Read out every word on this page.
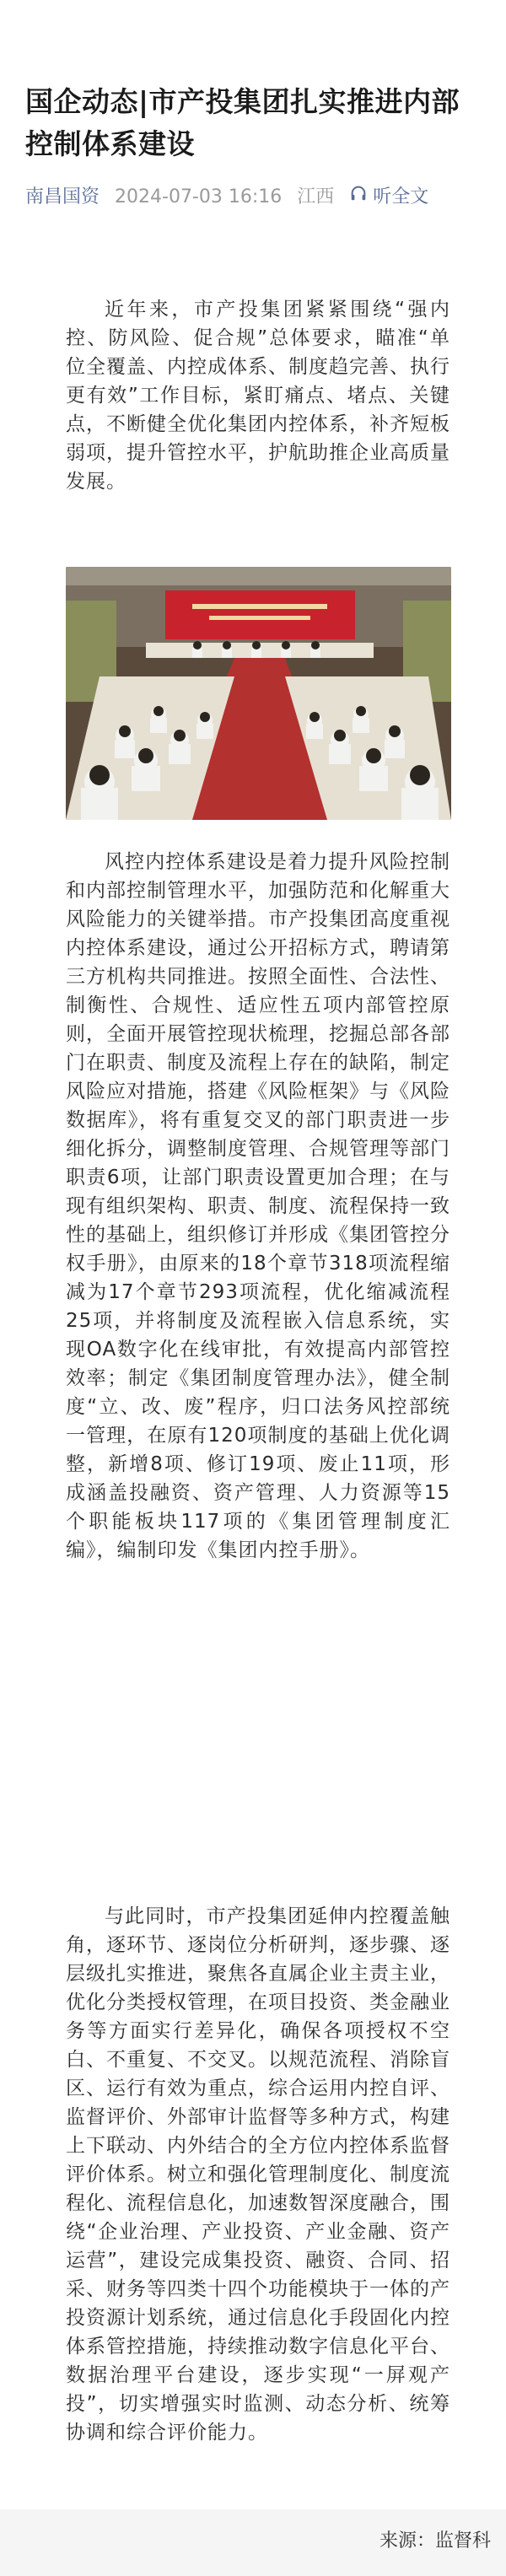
国企动态|市产投集团扎实推进内部控制体系建设
南昌国资 2024-07-03 16:16 江西 听全文

近年来，市产投集团紧紧围绕“强内控、防风险、促合规”总体要求，瞄准“单位全覆盖、内控成体系、制度趋完善、执行更有效”工作目标，紧盯痛点、堵点、关键点，不断健全优化集团内控体系，补齐短板弱项，提升管控水平，护航助推企业高质量发展。

风控内控体系建设是着力提升风险控制和内部控制管理水平，加强防范和化解重大风险能力的关键举措。市产投集团高度重视内控体系建设，通过公开招标方式，聘请第三方机构共同推进。按照全面性、合法性、制衡性、合规性、适应性五项内部管控原则，全面开展管控现状梳理，挖掘总部各部门在职责、制度及流程上存在的缺陷，制定风险应对措施，搭建《风险框架》与《风险数据库》，将有重复交叉的部门职责进一步细化拆分，调整制度管理、合规管理等部门职责6项，让部门职责设置更加合理；在与现有组织架构、职责、制度、流程保持一致性的基础上，组织修订并形成《集团管控分权手册》，由原来的18个章节318项流程缩减为17个章节293项流程，优化缩减流程25项，并将制度及流程嵌入信息系统，实现OA数字化在线审批，有效提高内部管控效率；制定《集团制度管理办法》，健全制度“立、改、废”程序，归口法务风控部统一管理，在原有120项制度的基础上优化调整，新增8项、修订19项、废止11项，形成涵盖投融资、资产管理、人力资源等15个职能板块117项的《集团管理制度汇编》，编制印发《集团内控手册》。

与此同时，市产投集团延伸内控覆盖触角，逐环节、逐岗位分析研判，逐步骤、逐层级扎实推进，聚焦各直属企业主责主业，优化分类授权管理，在项目投资、类金融业务等方面实行差异化，确保各项授权不空白、不重复、不交叉。以规范流程、消除盲区、运行有效为重点，综合运用内控自评、监督评价、外部审计监督等多种方式，构建上下联动、内外结合的全方位内控体系监督评价体系。树立和强化管理制度化、制度流程化、流程信息化，加速数智深度融合，围绕“企业治理、产业投资、产业金融、资产运营”，建设完成集投资、融资、合同、招采、财务等四类十四个功能模块于一体的产投资源计划系统，通过信息化手段固化内控体系管控措施，持续推动数字信息化平台、数据治理平台建设，逐步实现“一屏观产投”，切实增强实时监测、动态分析、统筹协调和综合评价能力。

来源：监督科
